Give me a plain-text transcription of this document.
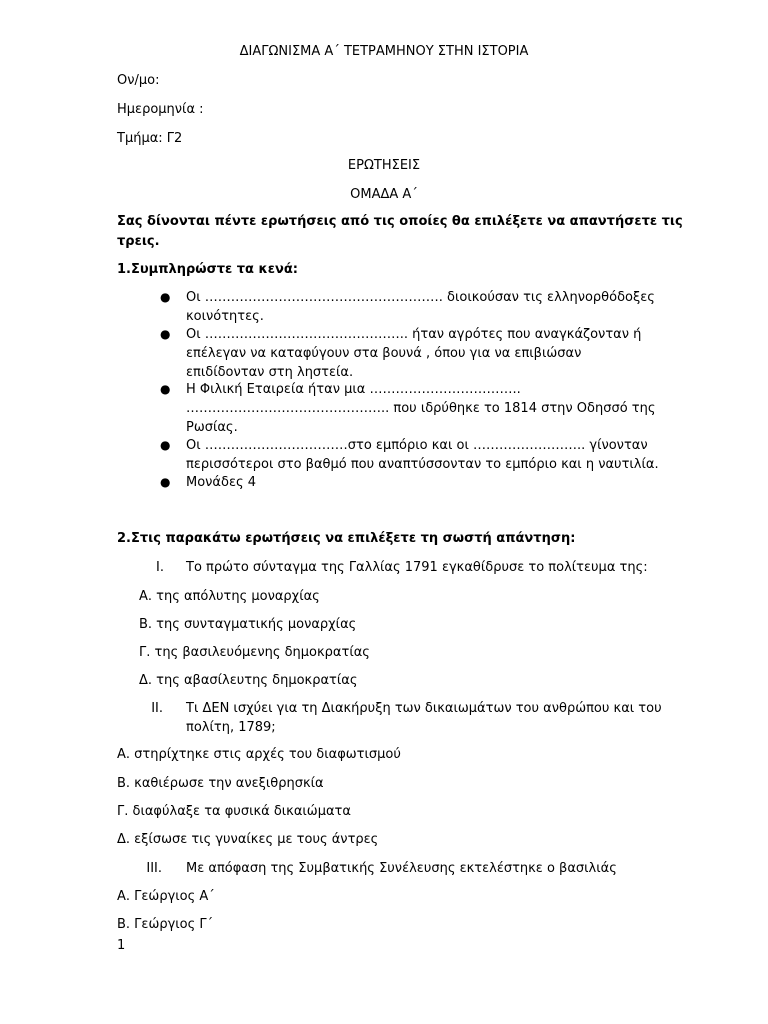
ΔΙΑΓΩΝΙΣΜΑ Α΄ ΤΕΤΡΑΜΗΝΟΥ ΣΤΗΝ ΙΣΤΟΡΙΑ
Ον/μο:
Ημερομηνία :
Τμήμα: Γ2
ΕΡΩΤΗΣΕΙΣ
ΟΜΑΔΑ Α΄
Σας δίνονται πέντε ερωτήσεις από τις οποίες θα επιλέξετε να απαντήσετε τις
τρεις.
1.Συμπληρώστε τα κενά:
● Οι ………………………………………………. διοικούσαν τις ελληνορθόδοξες
κοινότητες.
● Οι ……………………………………….. ήταν αγρότες που αναγκάζονταν ή
επέλεγαν να καταφύγουν στα βουνά , όπου για να επιβιώσαν
επιδίδονταν στη ληστεία.
● Η Φιλική Εταιρεία ήταν μια ……………………………..
……………………………………….. που ιδρύθηκε το 1814 στην Οδησσό της
Ρωσίας.
● Οι ……………………………στο εμπόριο και οι …………………….. γίνονταν
περισσότεροι στο βαθμό που αναπτύσσονταν το εμπόριο και η ναυτιλία.
● Μονάδες 4
2.Στις παρακάτω ερωτήσεις να επιλέξετε τη σωστή απάντηση:
I. Το πρώτο σύνταγμα της Γαλλίας 1791 εγκαθίδρυσε το πολίτευμα της:
Α. της απόλυτης μοναρχίας
Β. της συνταγματικής μοναρχίας
Γ. της βασιλευόμενης δημοκρατίας
Δ. της αβασίλευτης δημοκρατίας
II. Τι ΔΕΝ ισχύει για τη Διακήρυξη των δικαιωμάτων του ανθρώπου και του
πολίτη, 1789;
Α. στηρίχτηκε στις αρχές του διαφωτισμού
Β. καθιέρωσε την ανεξιθρησκία
Γ. διαφύλαξε τα φυσικά δικαιώματα
Δ. εξίσωσε τις γυναίκες με τους άντρες
III. Με απόφαση της Συμβατικής Συνέλευσης εκτελέστηκε ο βασιλιάς
Α. Γεώργιος Α΄
Β. Γεώργιος Γ΄
1
